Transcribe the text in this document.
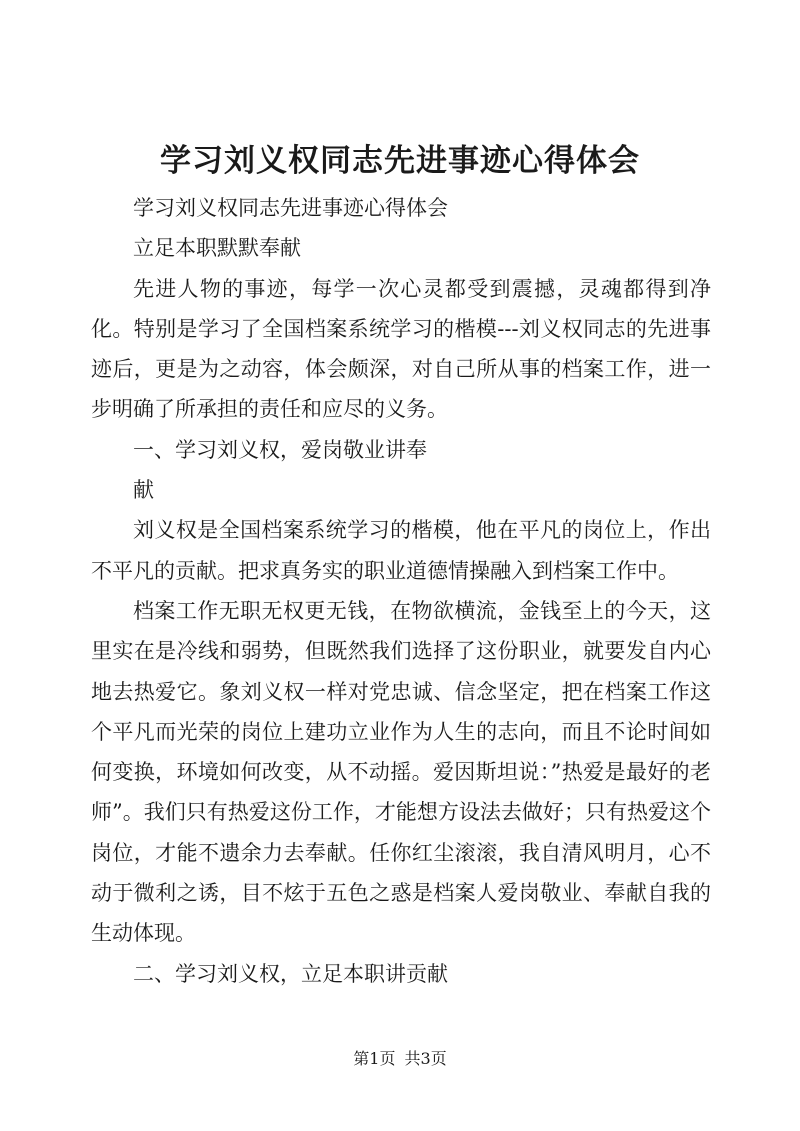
学习刘义权同志先进事迹心得体会

学习刘义权同志先进事迹心得体会

立足本职默默奉献

先进人物的事迹，每学一次心灵都受到震撼，灵魂都得到净化。特别是学习了全国档案系统学习的楷模---刘义权同志的先进事迹后，更是为之动容，体会颇深，对自己所从事的档案工作，进一步明确了所承担的责任和应尽的义务。

一、学习刘义权，爱岗敬业讲奉

献

刘义权是全国档案系统学习的楷模，他在平凡的岗位上，作出不平凡的贡献。把求真务实的职业道德情操融入到档案工作中。

档案工作无职无权更无钱，在物欲横流，金钱至上的今天，这里实在是冷线和弱势，但既然我们选择了这份职业，就要发自内心地去热爱它。象刘义权一样对党忠诚、信念坚定，把在档案工作这个平凡而光荣的岗位上建功立业作为人生的志向，而且不论时间如何变换，环境如何改变，从不动摇。爱因斯坦说：”热爱是最好的老师”。我们只有热爱这份工作，才能想方设法去做好；只有热爱这个岗位，才能不遗余力去奉献。任你红尘滚滚，我自清风明月，心不动于微利之诱，目不炫于五色之惑是档案人爱岗敬业、奉献自我的生动体现。

二、学习刘义权，立足本职讲贡献

第1页 共3页
